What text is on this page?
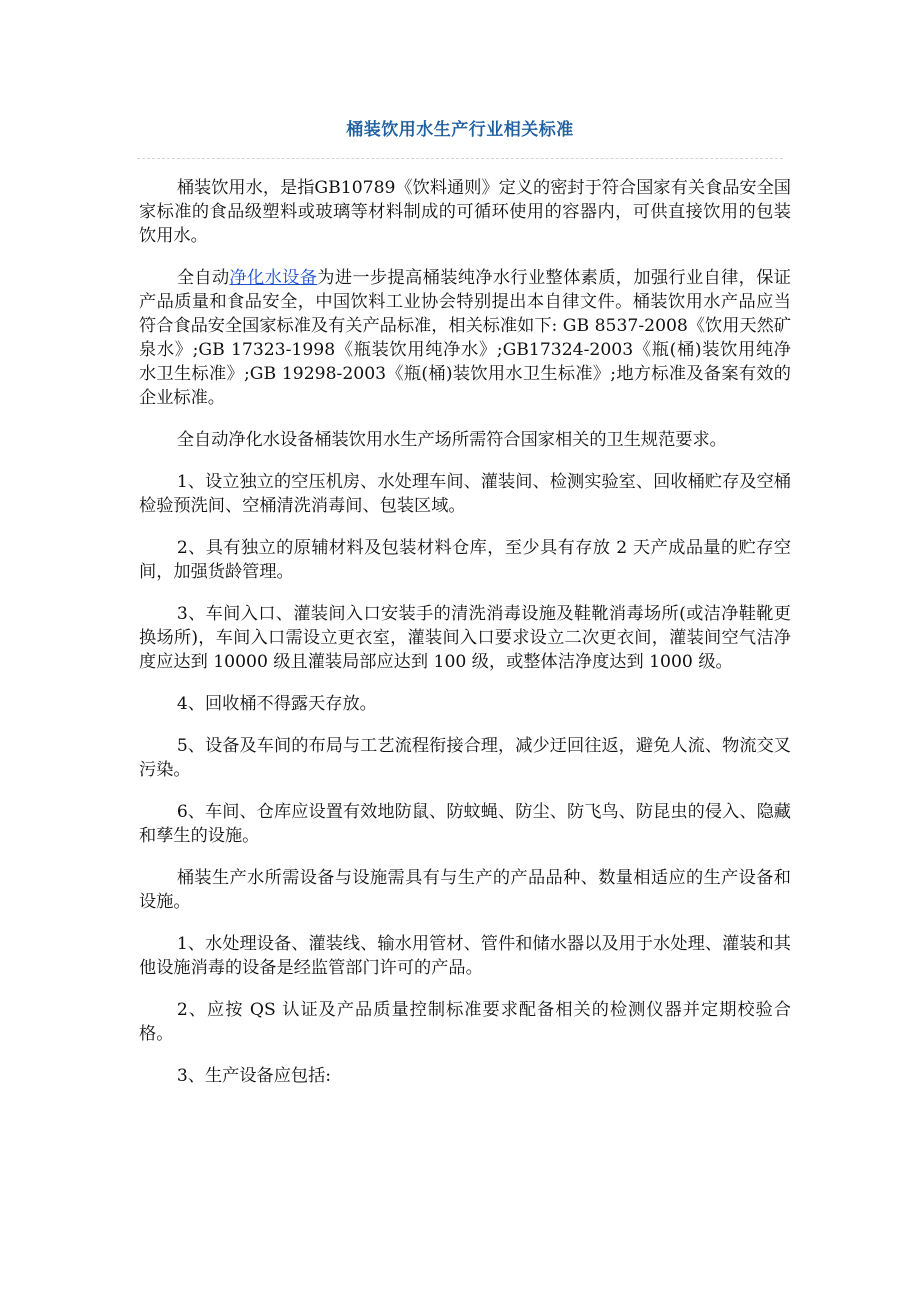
桶装饮用水生产行业相关标准

桶装饮用水，是指GB10789《饮料通则》定义的密封于符合国家有关食品安全国家标准的食品级塑料或玻璃等材料制成的可循环使用的容器内，可供直接饮用的包装饮用水。

全自动净化水设备为进一步提高桶装纯净水行业整体素质，加强行业自律，保证产品质量和食品安全，中国饮料工业协会特别提出本自律文件。桶装饮用水产品应当符合食品安全国家标准及有关产品标准，相关标准如下: GB 8537-2008《饮用天然矿泉水》;GB 17323-1998《瓶装饮用纯净水》;GB17324-2003《瓶(桶)装饮用纯净水卫生标准》;GB 19298-2003《瓶(桶)装饮用水卫生标准》;地方标准及备案有效的企业标准。

全自动净化水设备桶装饮用水生产场所需符合国家相关的卫生规范要求。

1、设立独立的空压机房、水处理车间、灌装间、检测实验室、回收桶贮存及空桶检验预洗间、空桶清洗消毒间、包装区域。

2、具有独立的原辅材料及包装材料仓库，至少具有存放 2 天产成品量的贮存空间，加强货龄管理。

3、车间入口、灌装间入口安装手的清洗消毒设施及鞋靴消毒场所(或洁净鞋靴更换场所)，车间入口需设立更衣室，灌装间入口要求设立二次更衣间，灌装间空气洁净度应达到 10000 级且灌装局部应达到 100 级，或整体洁净度达到 1000 级。

4、回收桶不得露天存放。

5、设备及车间的布局与工艺流程衔接合理，减少迂回往返，避免人流、物流交叉污染。

6、车间、仓库应设置有效地防鼠、防蚊蝇、防尘、防飞鸟、防昆虫的侵入、隐藏和孳生的设施。

桶装生产水所需设备与设施需具有与生产的产品品种、数量相适应的生产设备和设施。

1、水处理设备、灌装线、输水用管材、管件和储水器以及用于水处理、灌装和其他设施消毒的设备是经监管部门许可的产品。

2、应按 QS 认证及产品质量控制标准要求配备相关的检测仪器并定期校验合格。

3、生产设备应包括:
